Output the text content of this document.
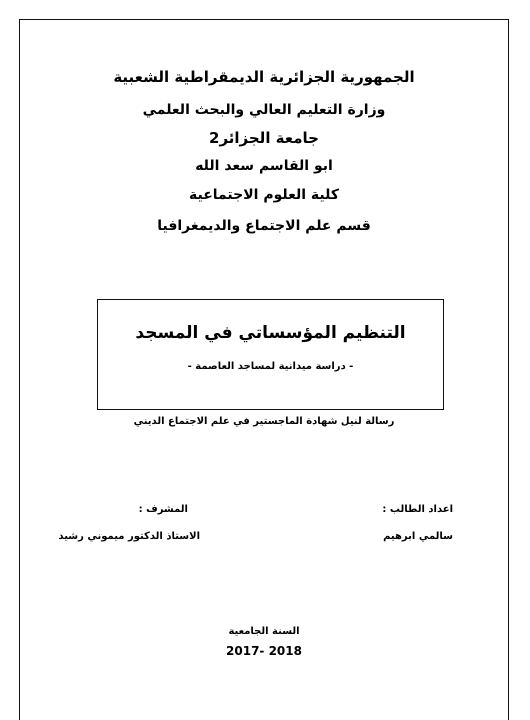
الجمهورية الجزائرية الديمقراطية الشعبية
وزارة التعليم العالي والبحث العلمي
جامعة الجزائر2
ابو القاسم سعد الله
كلية العلوم الاجتماعية
قسم علم الاجتماع والديمغرافيا
التنظيم المؤسساتي في المسجد
- دراسة ميدانية لمساجد العاصمة -
رسالة لنيل شهادة الماجستير في علم الاجتماع الديني
اعداد الطالب :
سالمي ابرهيم
المشرف :
الاستاذ الدكتور ميموني رشيد
السنة الجامعية
2017- 2018
